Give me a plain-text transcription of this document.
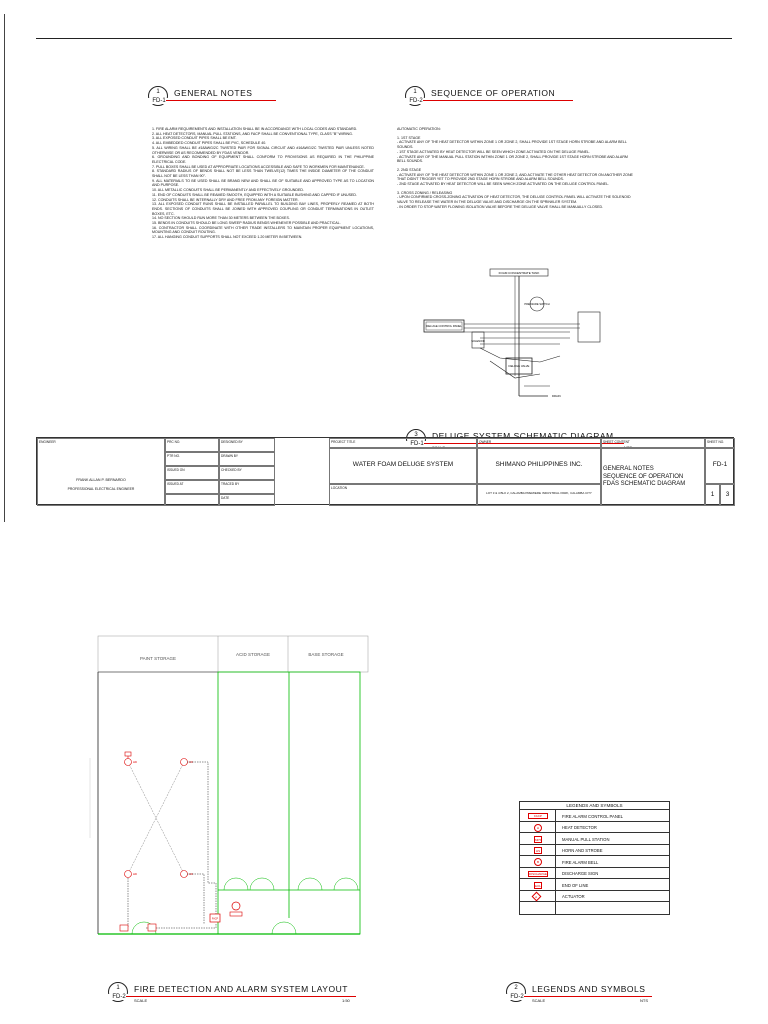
1
FD-1
GENERAL NOTES

1. FIRE ALARM REQUIREMENTS AND INSTALLATION SHALL BE IN ACCORDANCE WITH LOCAL CODES AND STANDARD.

2. ALL HEAT DETECTORS, MANUAL PULL STATIONS, AND FACP SHALL BE CONVENTIONAL TYPE, CLASS "B" WIRING.

3. ALL EXPOSED CONDUIT PIPES SHALL BE EMT.

4. ALL EMBEDDED CONDUIT PIPES SHALL BE PVC, SCHEDULE 40.

5. ALL WIRING SHALL BE #18AWG/2C TWISTED PAIR FOR SIGNAL CIRCUIT AND #16AWG/2C TWISTED PAIR UNLESS NOTED OTHERWISE OR AS RECOMMENDED BY FDAS VENDOR.

6. GROUNDING AND BONDING OF EQUIPMENT SHALL CONFORM TO PROVISIONS AS REQUIRED IN THE PHILIPPINE ELECTRICAL CODE.

7. PULL BOXES SHALL BE USED AT APPROPRIATE LOCATIONS ACCESSIBLE AND SAFE TO WORKMEN FOR MAINTENANCE.

8. STANDARD RADIUS OF BENDS SHALL NOT BE LESS THAN TWELVE(12) TIMES THE INSIDE DIAMETER OF THE CONDUIT SHALL NOT BE LESS THAN 90°.

9. ALL MATERIALS TO BE USED SHALL BE BRAND NEW AND SHALL BE OF SUITABLE AND APPROVED TYPE AS TO LOCATION AND PURPOSE.

10. ALL METALLIC CONDUITS SHALL BE PERMANENTLY AND EFFECTIVELY GROUNDED.

11. END OF CONDUITS SHALL BE REAMED SMOOTH, EQUIPPED WITH A SUITABLE BUSHING AND CAPPED IF UNUSED.

12. CONDUITS SHALL BE INTERNALLY DRY AND FREE FROM ANY FOREIGN MATTER.

13. ALL EXPOSED CONDUIT RUNS SHALL BE INSTALLED PARALLEL TO BUILDING BAY LINES, PROPERLY REAMED AT BOTH ENDS. SECTIONS OF CONDUITS SHALL BE JOINED WITH APPROVED COUPLING OR CONDUIT TERMINATIONS IN OUTLET BOXES, ETC.

14. NO SECTION SHOULD RUN MORE THAN 30 METERS BETWEEN THE BOXES.

15. BENDS IN CONDUITS SHOULD BE LONG SWEEP RADIUS BENDS WHENEVER POSSIBLE AND PRACTICAL.

16. CONTRACTOR SHALL COORDINATE WITH OTHER TRADE INSTALLERS TO MAINTAIN PROPER EQUIPMENT LOCATIONS, MOUNTING AND CONDUIT ROUTING.

17. ALL HANGING CONDUIT SUPPORTS SHALL NOT EXCEED 1.20 METER IN BETWEEN.

1
FD-2
SEQUENCE OF OPERATION

AUTOMATIC OPERATION:

1. 1ST STAGE

- ACTIVATE ANY OF THE HEAT DETECTOR WITHIN ZONE 1 OR ZONE 2, SHALL PROVIDE 1ST STAGE HORN STROBE AND ALARM BELL SOUNDS.

- 1ST STAGE ACTIVATED BY HEAT DETECTOR WILL BE SEEN WHICH ZONE ACTIVATED ON THE DELUGE PANEL.

- ACTIVATE ANY OF THE MANUAL PULL STATION WITHIN ZONE 1 OR ZONE 2, SHALL PROVIDE 1ST STAGE HORN STROBE AND ALARM BELL SOUNDS.

2. 2ND STAGE

- ACTIVATE ANY OF THE HEAT DETECTOR WITHIN ZONE 1 OR ZONE 2, AND ACTIVATE THE OTHER HEAT DETECTOR ON ANOTHER ZONE THAT DIDN'T TRIGGER YET TO PROVIDE 2ND STAGE HORN STROBE AND ALARM BELL SOUNDS.

- 2ND STAGE ACTIVATED BY HEAT DETECTOR WILL BE SEEN WHICH ZONE ACTIVATED ON THE DELUGE CONTROL PANEL.

3. CROSS ZONING / RELEASING

- UPON CONFIRMED CROSS-ZONING ACTIVATION OF HEAT DETECTOR, THE DELUGE CONTROL PANEL WILL ACTIVATE THE SOLENOID VALVE TO RELEASE THE WATER IN THE DELUGE VALVE AND DISCHARGE ON THE SPRINKLER SYSTEM.

- IN ORDER TO STOP WATER FLOWING ISOLATION VALVE BEFORE THE DELUGE VALVE SHALL BE MANUALLY CLOSED.

FOAM CONCENTRATE TANK
PRESSURE SWITCH
DELUGE CONTROL PANEL
SOLENOID
DELUGE VALVE
DRAIN
3
FD-1
DELUGE SYSTEM SCHEMATIC DIAGRAM
SCALE	NTS
ENGINEER
FRANK ALLAN P. BERNARDO
PROFESSIONAL ELECTRICAL ENGINEER
PRC NO.
PTR NO.
ISSUED ON
ISSUED AT
DESIGNED BY
DRAWN BY
CHECKED BY
TRACED BY
DATE
PROJECT TITLE
WATER FOAM DELUGE SYSTEM
LOCATION
OWNER
SHIMANO PHILIPPINES INC.
LOT 3 & 4 BLK 2, CALAMBA PREMIERE INDUSTRIAL PARK, CALAMBA CITY
SHEET CONTENT
GENERAL NOTES
SEQUENCE OF OPERATION
FDAS SCHEMATIC DIAGRAM
SHEET NO.
FD-1
1	3
PAINT STORAGE
ACID STORAGE	BASE STORAGE
HD	HD
HD	HD
FACP
1
FD-2
FIRE DETECTION AND ALARM SYSTEM LAYOUT
SCALE	1:50
LEGENDS AND SYMBOLS
FACP	FIRE ALARM CONTROL PANEL
H	HEAT DETECTOR
MPS	MANUAL PULL STATION
HS	HORN AND STROBE
B	FIRE ALARM BELL
DISCHARGE	DISCHARGE SIGN
EOL	END OF LINE
A	ACTUATOR
2
FD-2
LEGENDS AND SYMBOLS
SCALE	NTS
